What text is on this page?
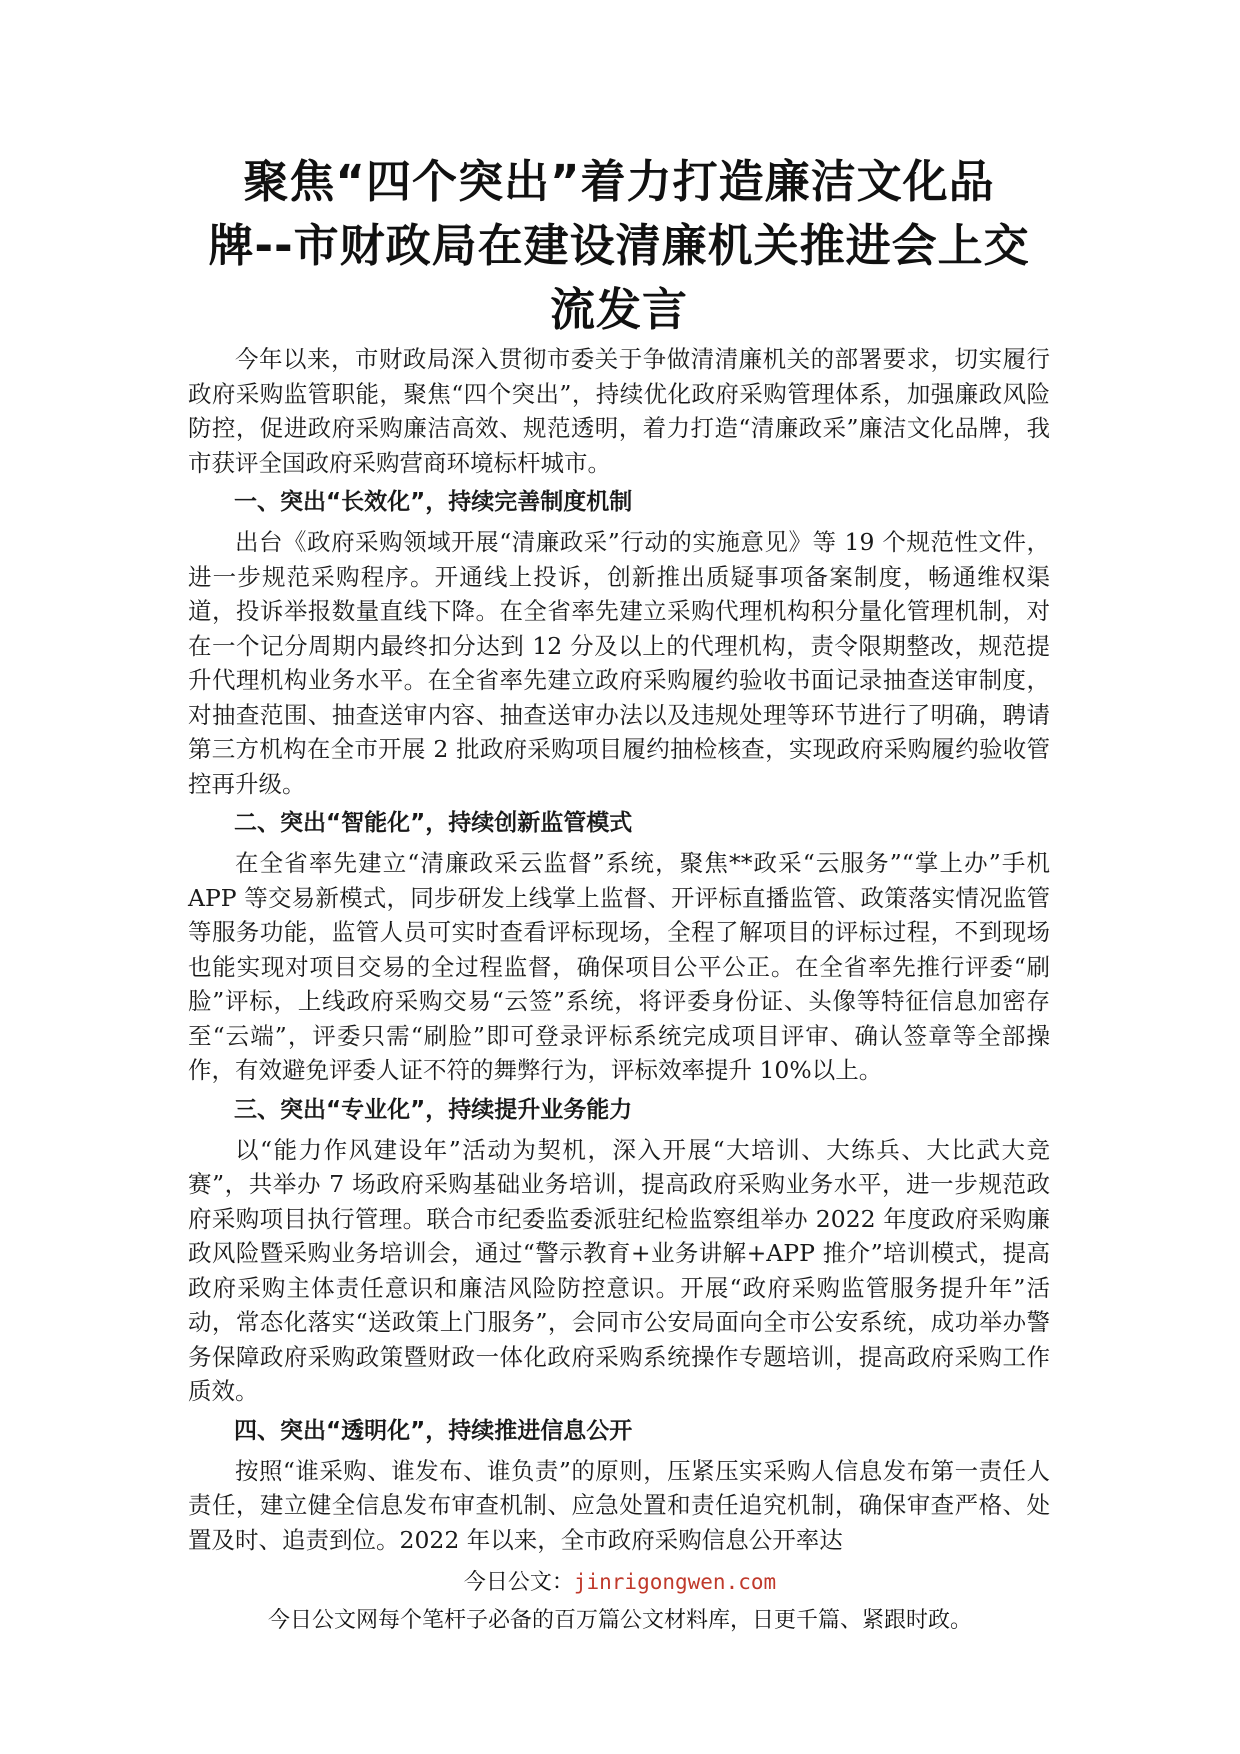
聚焦“四个突出”着力打造廉洁文化品
牌--市财政局在建设清廉机关推进会上交
流发言

今年以来，市财政局深入贯彻市委关于争做清清廉机关的部署要求，切实履行政府采购监管职能，聚焦“四个突出”，持续优化政府采购管理体系，加强廉政风险防控，促进政府采购廉洁高效、规范透明，着力打造“清廉政采”廉洁文化品牌，我市获评全国政府采购营商环境标杆城市。

一、突出“长效化”，持续完善制度机制

出台《政府采购领域开展“清廉政采”行动的实施意见》等 19 个规范性文件，进一步规范采购程序。开通线上投诉，创新推出质疑事项备案制度，畅通维权渠道，投诉举报数量直线下降。在全省率先建立采购代理机构积分量化管理机制，对在一个记分周期内最终扣分达到 12 分及以上的代理机构，责令限期整改，规范提升代理机构业务水平。在全省率先建立政府采购履约验收书面记录抽查送审制度，对抽查范围、抽查送审内容、抽查送审办法以及违规处理等环节进行了明确，聘请第三方机构在全市开展 2 批政府采购项目履约抽检核查，实现政府采购履约验收管控再升级。

二、突出“智能化”，持续创新监管模式

在全省率先建立“清廉政采云监督”系统，聚焦**政采“云服务”“掌上办”手机 APP 等交易新模式，同步研发上线掌上监督、开评标直播监管、政策落实情况监管等服务功能，监管人员可实时查看评标现场，全程了解项目的评标过程，不到现场也能实现对项目交易的全过程监督，确保项目公平公正。在全省率先推行评委“刷脸”评标，上线政府采购交易“云签”系统，将评委身份证、头像等特征信息加密存至“云端”，评委只需“刷脸”即可登录评标系统完成项目评审、确认签章等全部操作，有效避免评委人证不符的舞弊行为，评标效率提升 10%以上。

三、突出“专业化”，持续提升业务能力

以“能力作风建设年”活动为契机，深入开展“大培训、大练兵、大比武大竞赛”，共举办 7 场政府采购基础业务培训，提高政府采购业务水平，进一步规范政府采购项目执行管理。联合市纪委监委派驻纪检监察组举办 2022 年度政府采购廉政风险暨采购业务培训会，通过“警示教育+业务讲解+APP 推介”培训模式，提高政府采购主体责任意识和廉洁风险防控意识。开展“政府采购监管服务提升年”活动，常态化落实“送政策上门服务”，会同市公安局面向全市公安系统，成功举办警务保障政府采购政策暨财政一体化政府采购系统操作专题培训，提高政府采购工作质效。

四、突出“透明化”，持续推进信息公开

按照“谁采购、谁发布、谁负责”的原则，压紧压实采购人信息发布第一责任人责任，建立健全信息发布审查机制、应急处置和责任追究机制，确保审查严格、处置及时、追责到位。2022 年以来，全市政府采购信息公开率达

今日公文：jinrigongwen.com
今日公文网每个笔杆子必备的百万篇公文材料库，日更千篇、紧跟时政。
